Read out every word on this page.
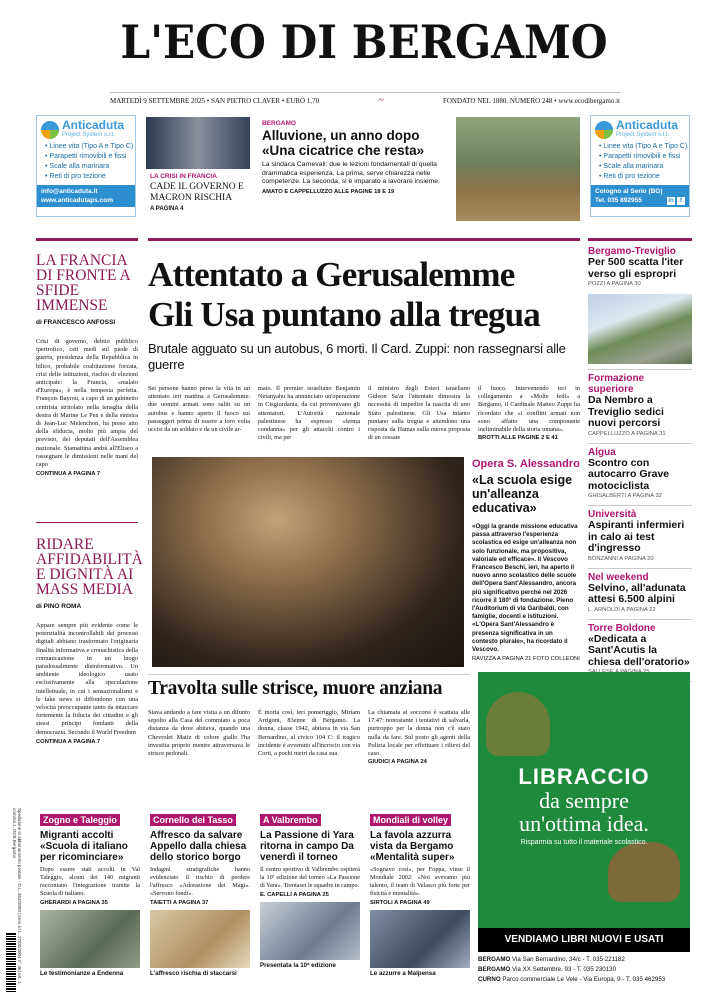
L'ECO DI BERGAMO
MARTEDÌ 9 SETTEMBRE 2025 • SAN PIETRO CLAVER • EURO 1,70	~	FONDATO NEL 1880. NUMERO 248 • www.ecodibergamo.it
Anticaduta
Project System s.r.l.
• Linee vita (Tipo A e Tipo C)
• Parapetti rimovibili e fissi
• Scale alla marinara
• Reti di pro tezione
info@anticaduta.it
www.anticadutaps.com
Anticaduta
Project System s.r.l.
• Linee vita (Tipo A e Tipo C)
• Parapetti rimovibili e fissi
• Scale alla marinara
• Reti di pro tezione
Cologno al Serio (BG)
Tel. 035 892955	in	f
LA CRISI IN FRANCIA
CADE IL GOVERNO E MACRON RISCHIA
A PAGINA 4
BERGAMO
Alluvione, un anno dopo «Una cicatrice che resta»
La sindaca Carnevali: due le lezioni fondamentali di quella drammatica esperienza. La prima, serve chiarezza nelle competenze. La seconda, si è imparato a lavorare insieme.
AMATO E CAPPELLUZZO ALLE PAGINE 18 E 19
LA FRANCIA DI FRONTE A SFIDE IMMENSE
di FRANCESCO ANFOSSI
Crisi di governo, debito pubblico ipertrofico, ceti medi sul piede di guerra, presidenza della Repubblica in bilico, probabile coabitazione forzata, crisi delle istituzioni, rischio di elezioni anticipate: la Francia, «malato d'Europa», è nella tempesta perfetta. François Bayrou, a capo di un gabinetto centrista stritolato nella tenaglia della destra di Marine Le Pen e della sinistra di Jean-Luc Melenchon, ha preso atto della sfiducia, molto più ampia del previsto, dei deputati dell'Assemblea nazionale. Stamattina andrà all'Eliseo a rassegnare le dimissioni nelle mani del capo
CONTINUA A PAGINA 7
RIDARE AFFIDABILITÀ E DIGNITÀ AI MASS MEDIA
di PINO ROMA
Appare sempre più evidente come le potenzialità incontrollabili dei processi digitali abbiano trasformato l'originaria finalità informativa e cronachistica della comunicazione in un luogo paradossalmente disinformativo. Un ambiente ideologico usato esclusivamente alla speculazione intellettuale, in cui i sensazionalismi e le fake news si diffondono con una velocità preoccupante tanto da intaccare fortemente la fiducia dei cittadini e gli stessi principi fondanti della democrazia. Secondo il World Freedom
CONTINUA A PAGINA 7
Attentato a Gerusalemme
Gli Usa puntano alla tregua
Brutale agguato su un autobus, 6 morti. Il Card. Zuppi: non rassegnarsi alle guerre
Sei persone hanno perso la vita in un attentato ieri mattina a Gerusalemme: due uomini armati sono saliti su un autobus e hanno aperto il fuoco sui passeggeri prima di essere a loro volta uccisi da un soldato e da un civile ar-
mato. Il premier israeliano Benjamin Netanyahu ha annunciato un'operazione in Cisgiordania, da cui provenivano gli attentatori. L'Autorità nazionale palestinese ha espresso «ferma condanna» per gli attacchi contro i civili, ma per
il ministro degli Esteri israeliano Gideon Sa'ar l'attentato dimostra la necessità di impedire la nascita di uno Stato palestinese. Gli Usa intanto puntano sulla tregua e attendono una risposta da Hamas sulla nuova proposta di un cessate
il fuoco. Intervenendo ieri in collegamento a «Molte fedi» a Bergamo, il Cardinale Matteo Zuppi ha ricordato che «i conflitti armati non sono affatto una componente ineliminabile della storia umana».
BROTTI ALLE PAGINE 2 E 41
Opera S. Alessandro
«La scuola esige un'alleanza educativa»
«Oggi la grande missione educativa passa attraverso l'esperienza scolastica ed esige un'alleanza non solo funzionale, ma propositiva, valoriale ed efficace». Il Vescovo Francesco Beschi, ieri, ha aperto il nuovo anno scolastico delle scuole dell'Opera Sant'Alessandro, ancora più significativo perché nel 2026 ricorre il 180° di fondazione. Pieno l'Auditorium di via Garibaldi, con famiglie, docenti e istituzioni. «L'Opera Sant'Alessandro è presenza significativa in un contesto plurale», ha ricordato il Vescovo.
RAVIZZA A PAGINA 21 FOTO COLLEONI
Travolta sulle strisce, muore anziana
Stava andando a fare visita a un difunto sepolto alla Casa del commiato a poca distanza da dove abitava, quando una Chevrolet Matiz di colore giallo l'ha investita proprio mentre attraversava le strisce pedonali.
È morta così, ieri pomeriggio, Miriam Arrigoni, 83enne di Bergamo. La donna, classe 1942, abitava in via San Bernardino, al civico 104 C: il tragico incidente è avvenuto all'incrocio con via Corti, a pochi metri da casa sua.
La chiamata ai soccorsi è scattata alle 17.47: nonostante i tentativi di salvarla, purtroppo per la donna non c'è stato nulla da fare. Sul posto gli agenti della Polizia locale per effettuare i rilievi del caso.
GIUDICI A PAGINA 24
Bergamo-Treviglio
Per 500 scatta l'iter verso gli espropri
POZZI A PAGINA 30
Formazione superiore
Da Nembro a Treviglio sedici nuovi percorsi
CAPPELLUZZO A PAGINA 31
Algua
Scontro con autocarro Grave motociclista
GHISALBERTI A PAGINA 32
Università
Aspiranti infermieri in calo ai test d'ingresso
BONZANNI A PAGINA 20
Nel weekend
Selvino, all'adunata attesi 6.500 alpini
L. ARNOLDI A PAGINA 22
Torre Boldone
«Dedicata a Sant'Acutis la chiesa dell'oratorio»
LIBRACCIO
da sempre
un'ottima idea.
Risparmia su tutto il materiale scolastico.
VENDIAMO LIBRI NUOVI E USATI
BERGAMO Via San Bernardino, 34/c - T. 035 221182
BERGAMO Via XX Settembre, 93 - T. 035 230130
CURNO Parco commerciale Le Vele - Via Europa, 9 - T. 035 462953
Zogno e Taleggio
Migranti accolti «Scuola di italiano per ricominciare»
Dopo essere stati accolti in Val Taleggio, alcuni dei 140 migranti raccontano l'integrazione tramite la Scuola di italiano.
GHERARDI A PAGINA 35
Le testimonianze a Endenna
Cornello dei Tasso
Affresco da salvare Appello dalla chiesa dello storico borgo
Indagini stratigrafiche hanno evidenziato il rischio di perdere l'affresco «Adorazione dei Magi». «Servono fondi».
TAIETTI A PAGINA 37
L'affresco rischia di staccarsi
A Valbrembo
La Passione di Yara ritorna in campo Da venerdì il torneo
Il centro sportivo di Valbrembo ospiterà la 10ª edizione del torneo «La Passione di Yara». Trentasei le squadre in campo.
E. CAPELLI A PAGINA 25
Presentata la 10ª edizione
Mondiali di volley
La favola azzurra vista da Bergamo «Mentalità super»
«Sognavo così», per Foppa, vinse il Mondiale 2002: «Noi avevamo più talento, il team di Velasco più forte per fisicità e mentalità».
SIRTOLI A PAGINA 49
Le azzurre a Malpensa
Spedizione in abbonamento postale - D.L. 353/2003 (conv. in L. 27/02/2004 n° 46) art. 1, comma 1, DCB Bergamo
